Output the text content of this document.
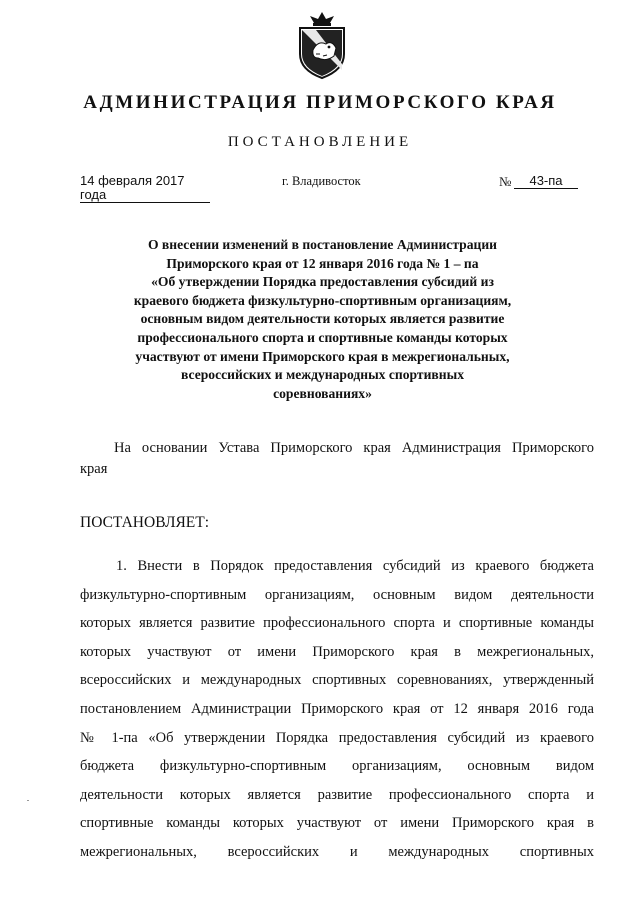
АДМИНИСТРАЦИЯ ПРИМОРСКОГО КРАЯ
ПОСТАНОВЛЕНИЕ
14 февраля 2017 года
г. Владивосток	№	43-па
О внесении изменений в постановление Администрации
Приморского края от 12 января 2016 года № 1 – па
«Об утверждении Порядка предоставления субсидий из
краевого бюджета физкультурно-спортивным организациям,
основным видом деятельности которых является развитие
профессионального спорта и спортивные команды которых
участвуют от имени Приморского края в межрегиональных,
всероссийских и международных спортивных
соревнованиях»
На основании Устава Приморского края Администрация Приморского
края
ПОСТАНОВЛЯЕТ:
1. Внести в Порядок предоставления субсидий из краевого бюджета
физкультурно-спортивным организациям, основным видом деятельности
которых является развитие профессионального спорта и спортивные команды
которых участвуют от имени Приморского края в межрегиональных,
всероссийских и международных спортивных соревнованиях, утвержденный
постановлением Администрации Приморского края от 12 января 2016 года
№ 1-па «Об утверждении Порядка предоставления субсидий из краевого
бюджета физкультурно-спортивным организациям, основным видом
деятельности которых является развитие профессионального спорта и
спортивные команды которых участвуют от имени Приморского края в
межрегиональных, всероссийских и международных спортивных
